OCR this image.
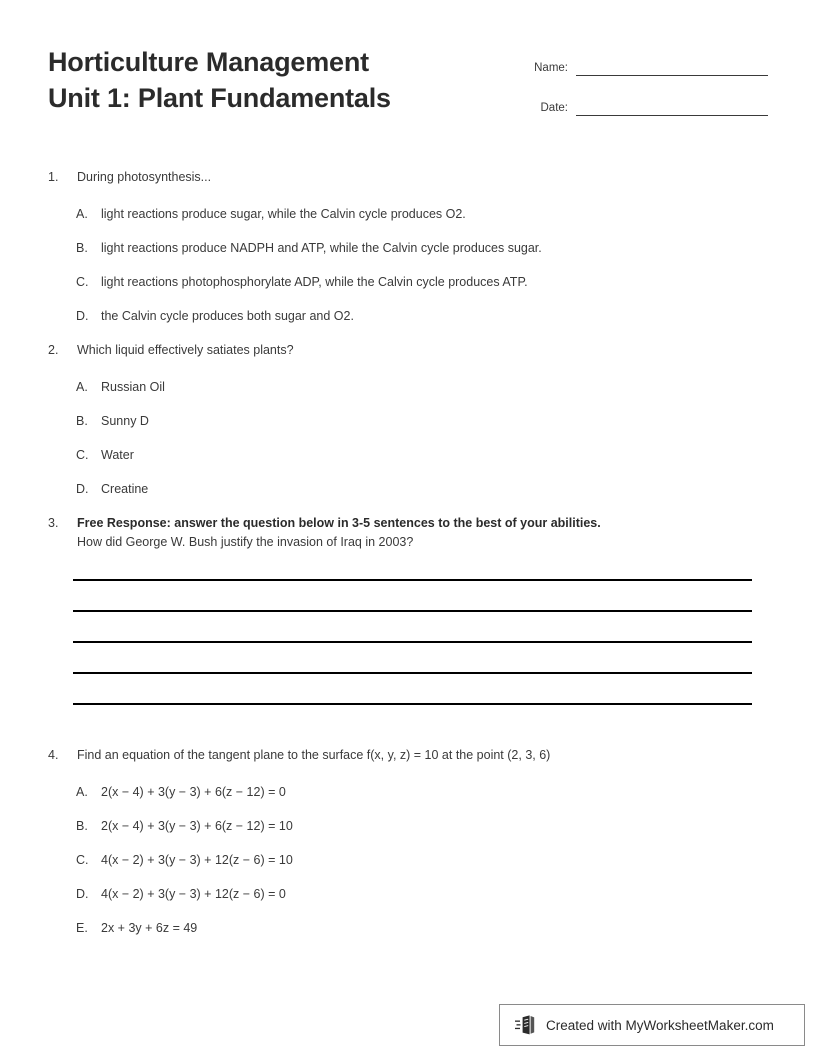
Horticulture Management
Unit 1: Plant Fundamentals
Name:
Date:
1.	During photosynthesis...
A.	light reactions produce sugar, while the Calvin cycle produces O2.
B.	light reactions produce NADPH and ATP, while the Calvin cycle produces sugar.
C.	light reactions photophosphorylate ADP, while the Calvin cycle produces ATP.
D.	the Calvin cycle produces both sugar and O2.
2.	Which liquid effectively satiates plants?
A.	Russian Oil
B.	Sunny D
C.	Water
D.	Creatine
3.	Free Response: answer the question below in 3-5 sentences to the best of your abilities.
How did George W. Bush justify the invasion of Iraq in 2003?
4.	Find an equation of the tangent plane to the surface f(x, y, z) = 10 at the point (2, 3, 6)
A.	2(x − 4) + 3(y − 3) + 6(z − 12) = 0
B.	2(x − 4) + 3(y − 3) + 6(z − 12) = 10
C.	4(x − 2) + 3(y − 3) + 12(z − 6) = 10
D.	4(x − 2) + 3(y − 3) + 12(z − 6) = 0
E.	2x + 3y + 6z = 49
Created with MyWorksheetMaker.com
